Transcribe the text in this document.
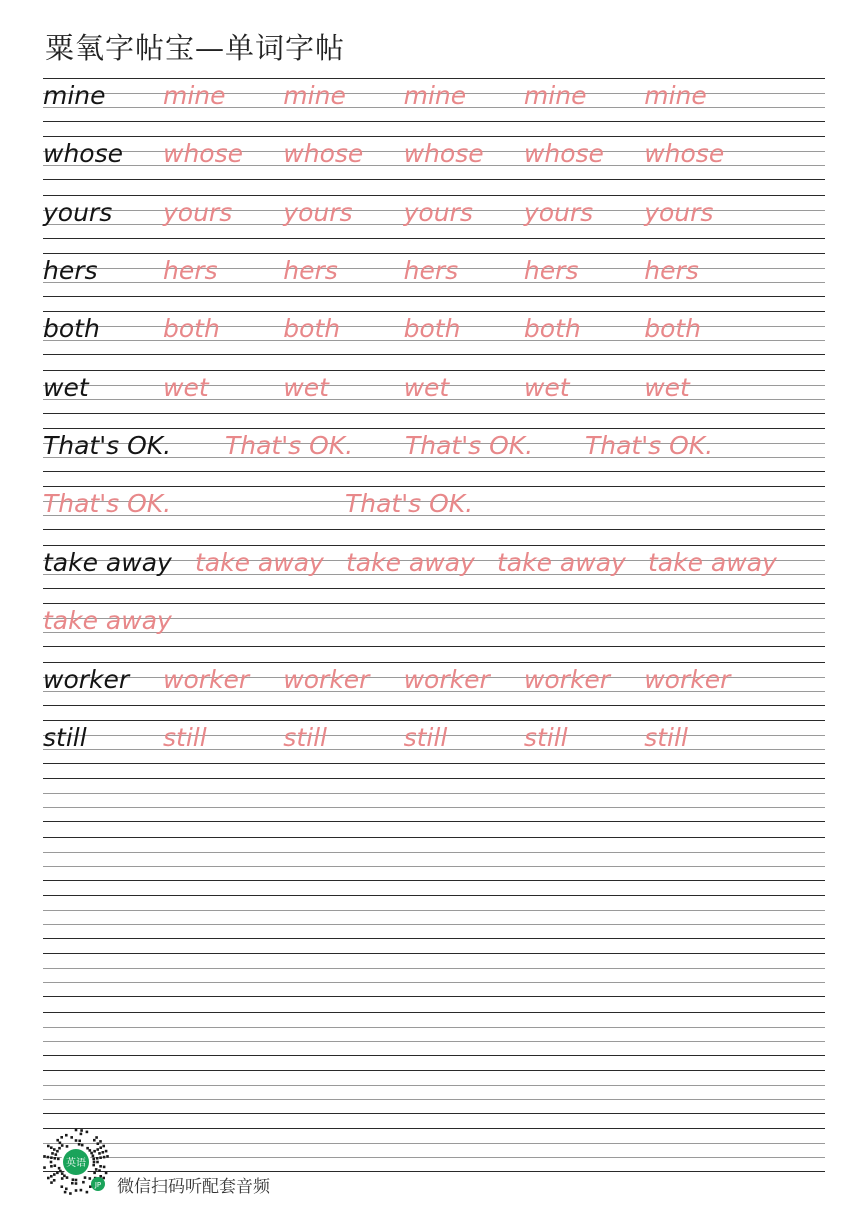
粟氧字帖宝—单词字帖
mine mine mine mine mine mine
whose whose whose whose whose whose
yours yours yours yours yours yours
hers	hers	hers	hers	hers	hers
both	both	both	both	both	both
wet	wet	wet	wet	wet	wet
That's OK. That's OK. That's OK. That's OK.
That's OK.	That's OK.
take away take away take away take away take away
take away
worker worker worker worker worker worker
still	still	still	still	still	still
英语
JP 微信扫码听配套音频
